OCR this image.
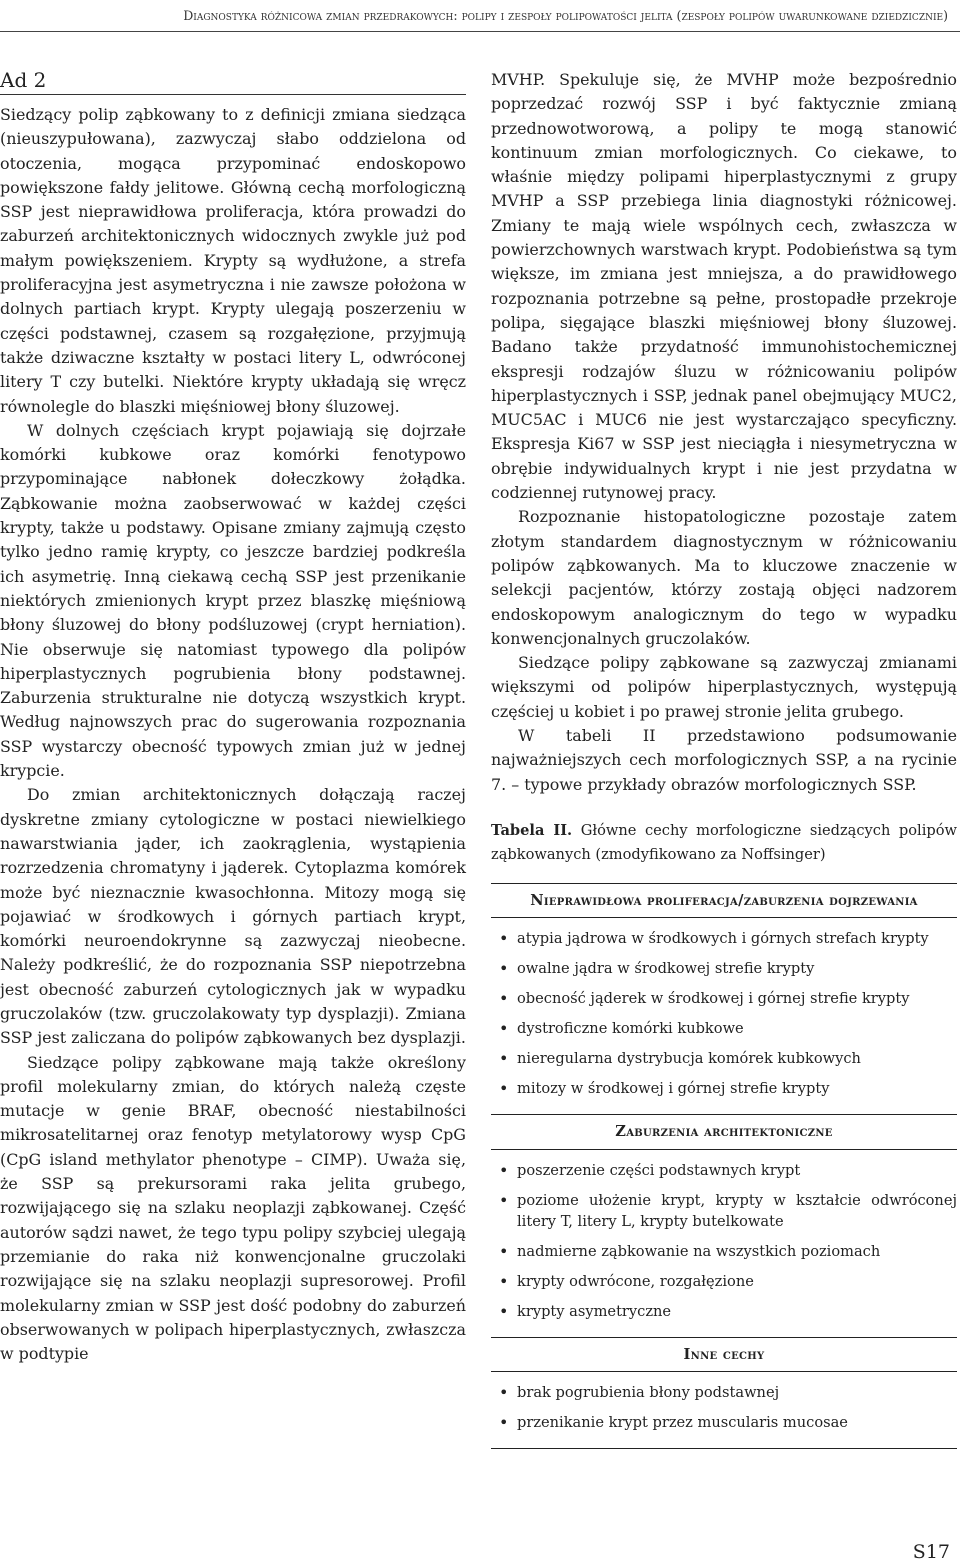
Diagnostyka różnicowa zmian przedrakowych: polipy i zespoły polipowatości jelita (zespoły polipów uwarunkowane dziedzicznie)
Ad 2

Siedzący polip ząbkowany to z definicji zmiana siedząca (nieuszypułowana), zazwyczaj słabo oddzielona od otoczenia, mogąca przypominać endoskopowo powiększone fałdy jelitowe. Główną cechą morfologiczną SSP jest nieprawidłowa proliferacja, która prowadzi do zaburzeń architektonicznych widocznych zwykle już pod małym powiększeniem. Krypty są wydłużone, a strefa proliferacyjna jest asymetryczna i nie zawsze położona w dolnych partiach krypt. Krypty ulegają poszerzeniu w części podstawnej, czasem są rozgałęzione, przyjmują także dziwaczne kształty w postaci litery L, odwróconej litery T czy butelki. Niektóre krypty układają się wręcz równolegle do blaszki mięśniowej błony śluzowej.

W dolnych częściach krypt pojawiają się dojrzałe komórki kubkowe oraz komórki fenotypowo przypominające nabłonek dołeczkowy żołądka. Ząbkowanie można zaobserwować w każdej części krypty, także u podstawy. Opisane zmiany zajmują często tylko jedno ramię krypty, co jeszcze bardziej podkreśla ich asymetrię. Inną ciekawą cechą SSP jest przenikanie niektórych zmienionych krypt przez blaszkę mięśniową błony śluzowej do błony podśluzowej (crypt herniation). Nie obserwuje się natomiast typowego dla polipów hiperplastycznych pogrubienia błony podstawnej. Zaburzenia strukturalne nie dotyczą wszystkich krypt. Według najnowszych prac do sugerowania rozpoznania SSP wystarczy obecność typowych zmian już w jednej krypcie.

Do zmian architektonicznych dołączają raczej dyskretne zmiany cytologiczne w postaci niewielkiego nawarstwiania jąder, ich zaokrąglenia, wystąpienia rozrzedzenia chromatyny i jąderek. Cytoplazma komórek może być nieznacznie kwasochłonna. Mitozy mogą się pojawiać w środkowych i górnych partiach krypt, komórki neuroendokrynne są zazwyczaj nieobecne. Należy podkreślić, że do rozpoznania SSP niepotrzebna jest obecność zaburzeń cytologicznych jak w wypadku gruczolaków (tzw. gruczolakowaty typ dysplazji). Zmiana SSP jest zaliczana do polipów ząbkowanych bez dysplazji.

Siedzące polipy ząbkowane mają także określony profil molekularny zmian, do których należą częste mutacje w genie BRAF, obecność niestabilności mikrosatelitarnej oraz fenotyp metylatorowy wysp CpG (CpG island methylator phenotype – CIMP). Uważa się, że SSP są prekursorami raka jelita grubego, rozwijającego się na szlaku neoplazji ząbkowanej. Część autorów sądzi nawet, że tego typu polipy szybciej ulegają przemianie do raka niż konwencjonalne gruczolaki rozwijające się na szlaku neoplazji supresorowej. Profil molekularny zmian w SSP jest dość podobny do zaburzeń obserwowanych w polipach hiperplastycznych, zwłaszcza w podtypie

MVHP. Spekuluje się, że MVHP może bezpośrednio poprzedzać rozwój SSP i być faktycznie zmianą przednowotworową, a polipy te mogą stanowić kontinuum zmian morfologicznych. Co ciekawe, to właśnie między polipami hiperplastycznymi z grupy MVHP a SSP przebiega linia diagnostyki różnicowej. Zmiany te mają wiele wspólnych cech, zwłaszcza w powierzchownych warstwach krypt. Podobieństwa są tym większe, im zmiana jest mniejsza, a do prawidłowego rozpoznania potrzebne są pełne, prostopadłe przekroje polipa, sięgające blaszki mięśniowej błony śluzowej. Badano także przydatność immunohistochemicznej ekspresji rodzajów śluzu w różnicowaniu polipów hiperplastycznych i SSP, jednak panel obejmujący MUC2, MUC5AC i MUC6 nie jest wystarczająco specyficzny. Ekspresja Ki67 w SSP jest nieciągła i niesymetryczna w obrębie indywidualnych krypt i nie jest przydatna w codziennej rutynowej pracy.

Rozpoznanie histopatologiczne pozostaje zatem złotym standardem diagnostycznym w różnicowaniu polipów ząbkowanych. Ma to kluczowe znaczenie w selekcji pacjentów, którzy zostają objęci nadzorem endoskopowym analogicznym do tego w wypadku konwencjonalnych gruczolaków.

Siedzące polipy ząbkowane są zazwyczaj zmianami większymi od polipów hiperplastycznych, występują częściej u kobiet i po prawej stronie jelita grubego.

W tabeli II przedstawiono podsumowanie najważniejszych cech morfologicznych SSP, a na rycinie 7. – typowe przykłady obrazów morfologicznych SSP.

Tabela II. Główne cechy morfologiczne siedzących polipów ząbkowanych (zmodyfikowano za Noffsinger)
Nieprawidłowa proliferacja/zaburzenia dojrzewania
• atypia jądrowa w środkowych i górnych strefach krypty
• owalne jądra w środkowej strefie krypty
• obecność jąderek w środkowej i górnej strefie krypty
• dystroficzne komórki kubkowe
• nieregularna dystrybucja komórek kubkowych
• mitozy w środkowej i górnej strefie krypty
Zaburzenia architektoniczne
• poszerzenie części podstawnych krypt
• poziome ułożenie krypt, krypty w kształcie odwróconej litery T, litery L, krypty butelkowate
• nadmierne ząbkowanie na wszystkich poziomach
• krypty odwrócone, rozgałęzione
• krypty asymetryczne
Inne cechy
• brak pogrubienia błony podstawnej
• przenikanie krypt przez muscularis mucosae
S17
